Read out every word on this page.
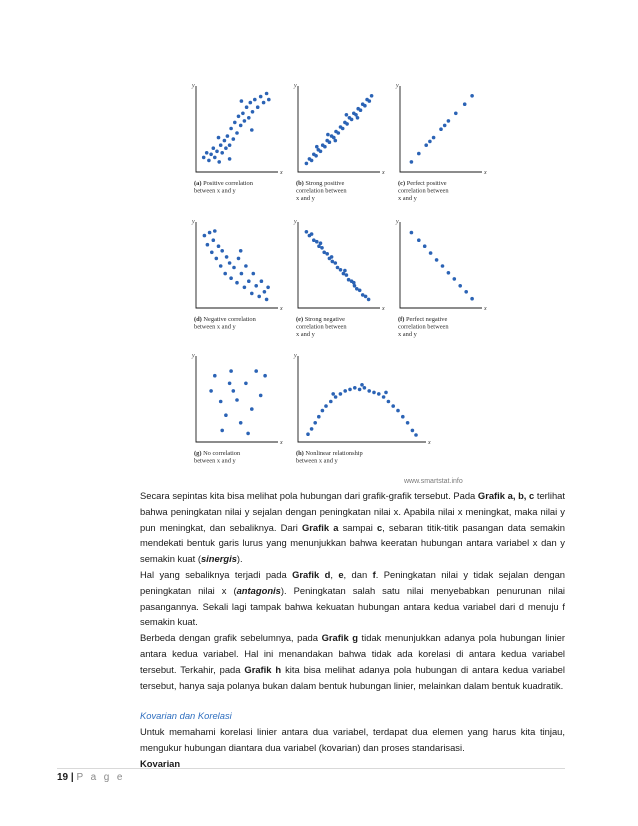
y
x
(a) Positive correlation
between x and y
y
x
(b) Strong positive
correlation between
x and y
y
x
(c) Perfect positive
correlation between
x and y
y
x
(d) Negative correlation
between x and y
y
x
(e) Strong negative
correlation between
x and y
y
x
(f) Perfect negative
correlation between
x and y
y
x
(g) No correlation
between x and y
y
x
(h) Nonlinear relationship
between x and y
www.smartstat.info

Secara sepintas kita bisa melihat pola hubungan dari grafik-grafik tersebut. Pada Grafik a, b, c terlihat bahwa peningkatan nilai y sejalan dengan peningkatan nilai x. Apabila nilai x meningkat, maka nilai y pun meningkat, dan sebaliknya. Dari Grafik a sampai c, sebaran titik-titik pasangan data semakin mendekati bentuk garis lurus yang menunjukkan bahwa keeratan hubungan antara variabel x dan y semakin kuat (sinergis).

Hal yang sebaliknya terjadi pada Grafik d, e, dan f. Peningkatan nilai y tidak sejalan dengan peningkatan nilai x (antagonis). Peningkatan salah satu nilai menyebabkan penurunan nilai pasangannya. Sekali lagi tampak bahwa kekuatan hubungan antara kedua variabel dari d menuju f semakin kuat.

Berbeda dengan grafik sebelumnya, pada Grafik g tidak menunjukkan adanya pola hubungan linier antara kedua variabel. Hal ini menandakan bahwa tidak ada korelasi di antara kedua variabel tersebut. Terkahir, pada Grafik h kita bisa melihat adanya pola hubungan di antara kedua variabel tersebut, hanya saja polanya bukan dalam bentuk hubungan linier, melainkan dalam bentuk kuadratik.

Kovarian dan Korelasi

Untuk memahami korelasi linier antara dua variabel, terdapat dua elemen yang harus kita tinjau, mengukur hubungan diantara dua variabel (kovarian) dan proses standarisasi.

Kovarian

19 | P a g e
